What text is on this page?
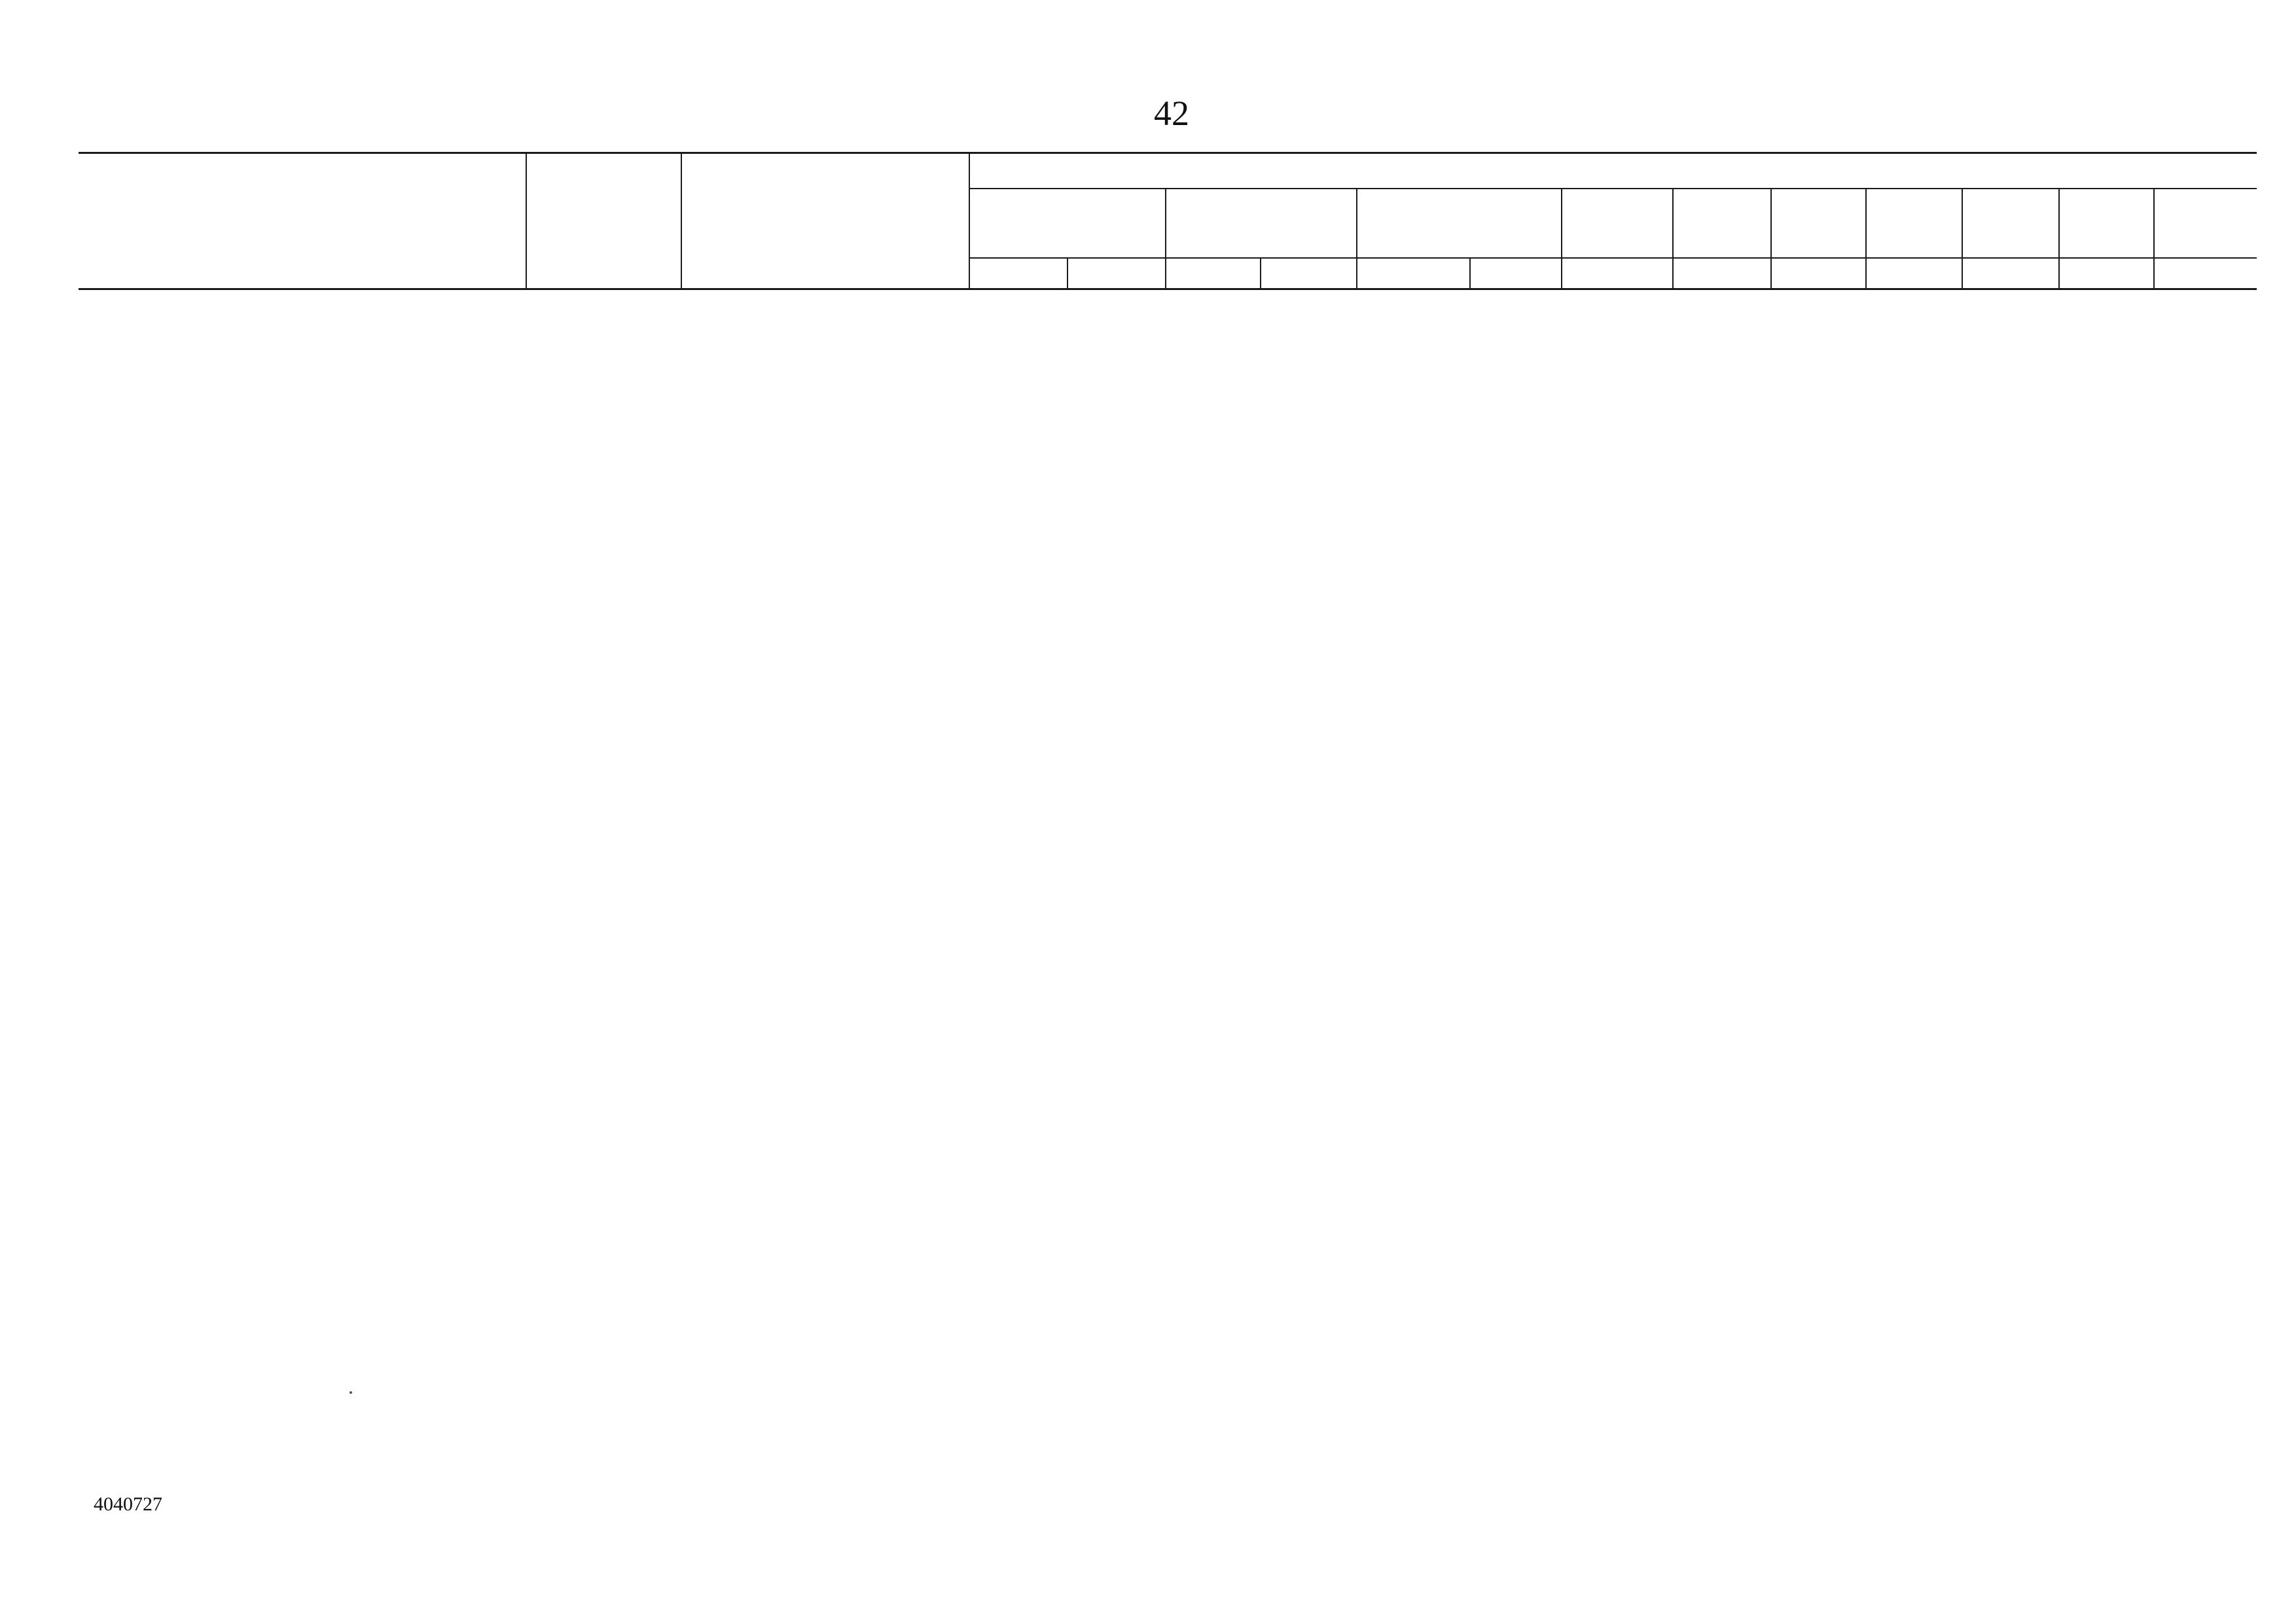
42
4040727
